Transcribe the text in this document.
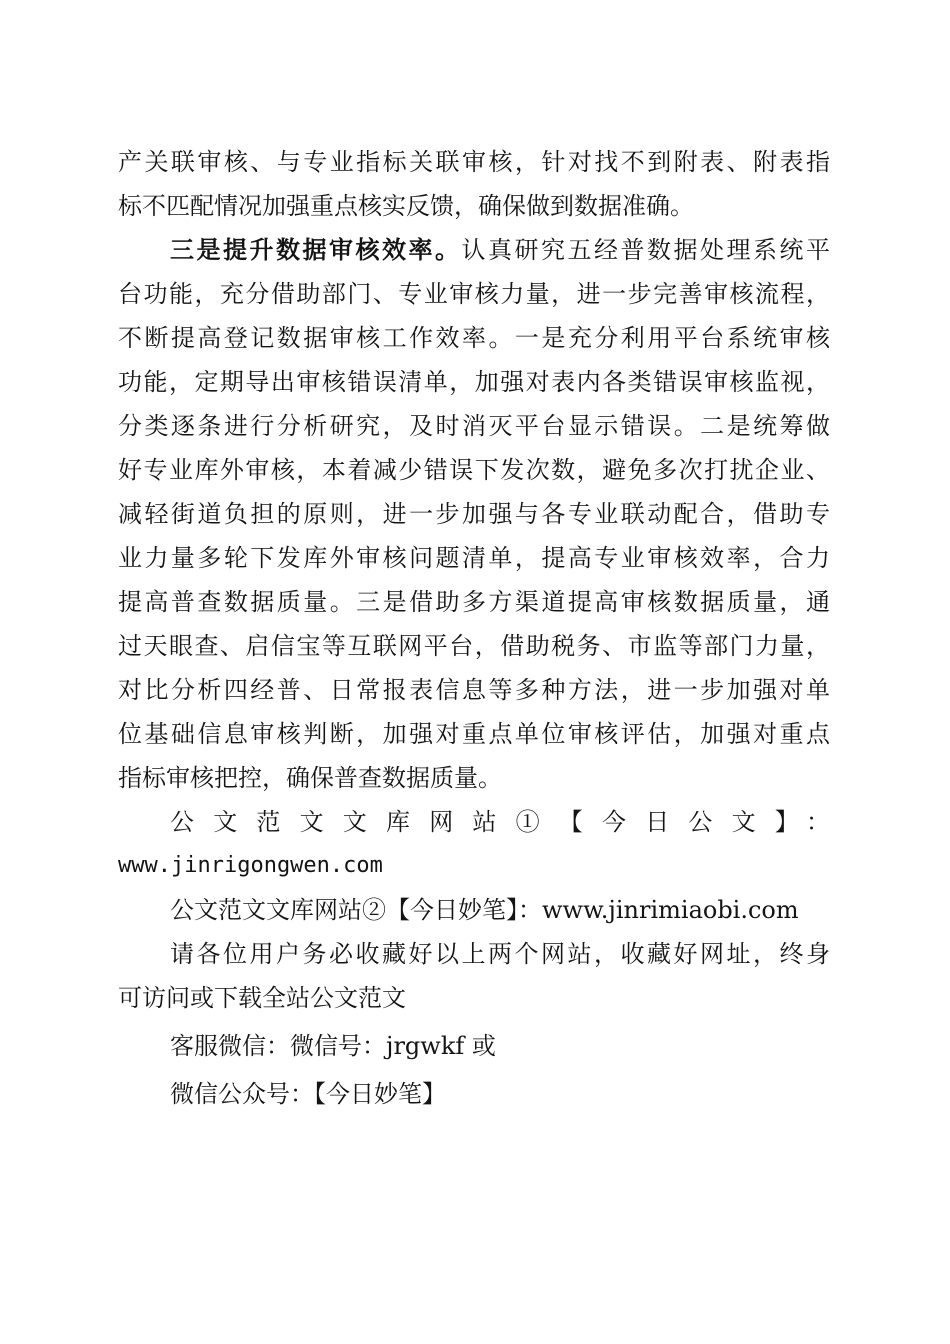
产关联审核、与专业指标关联审核，针对找不到附表、附表指
标不匹配情况加强重点核实反馈，确保做到数据准确。
三是提升数据审核效率。认真研究五经普数据处理系统平
台功能，充分借助部门、专业审核力量，进一步完善审核流程，
不断提高登记数据审核工作效率。一是充分利用平台系统审核
功能，定期导出审核错误清单，加强对表内各类错误审核监视，
分类逐条进行分析研究，及时消灭平台显示错误。二是统筹做
好专业库外审核，本着减少错误下发次数，避免多次打扰企业、
减轻街道负担的原则，进一步加强与各专业联动配合，借助专
业力量多轮下发库外审核问题清单，提高专业审核效率，合力
提高普查数据质量。三是借助多方渠道提高审核数据质量，通
过天眼查、启信宝等互联网平台，借助税务、市监等部门力量，
对比分析四经普、日常报表信息等多种方法，进一步加强对单
位基础信息审核判断，加强对重点单位审核评估，加强对重点
指标审核把控，确保普查数据质量。
公文范文文库网站①【今日公文】：
www.jinrigongwen.com
公文范文文库网站②【今日妙笔】：www.jinrimiaobi.com
请各位用户务必收藏好以上两个网站，收藏好网址，终身
可访问或下载全站公文范文
客服微信：微信号：jrgwkf 或
微信公众号：【今日妙笔】
